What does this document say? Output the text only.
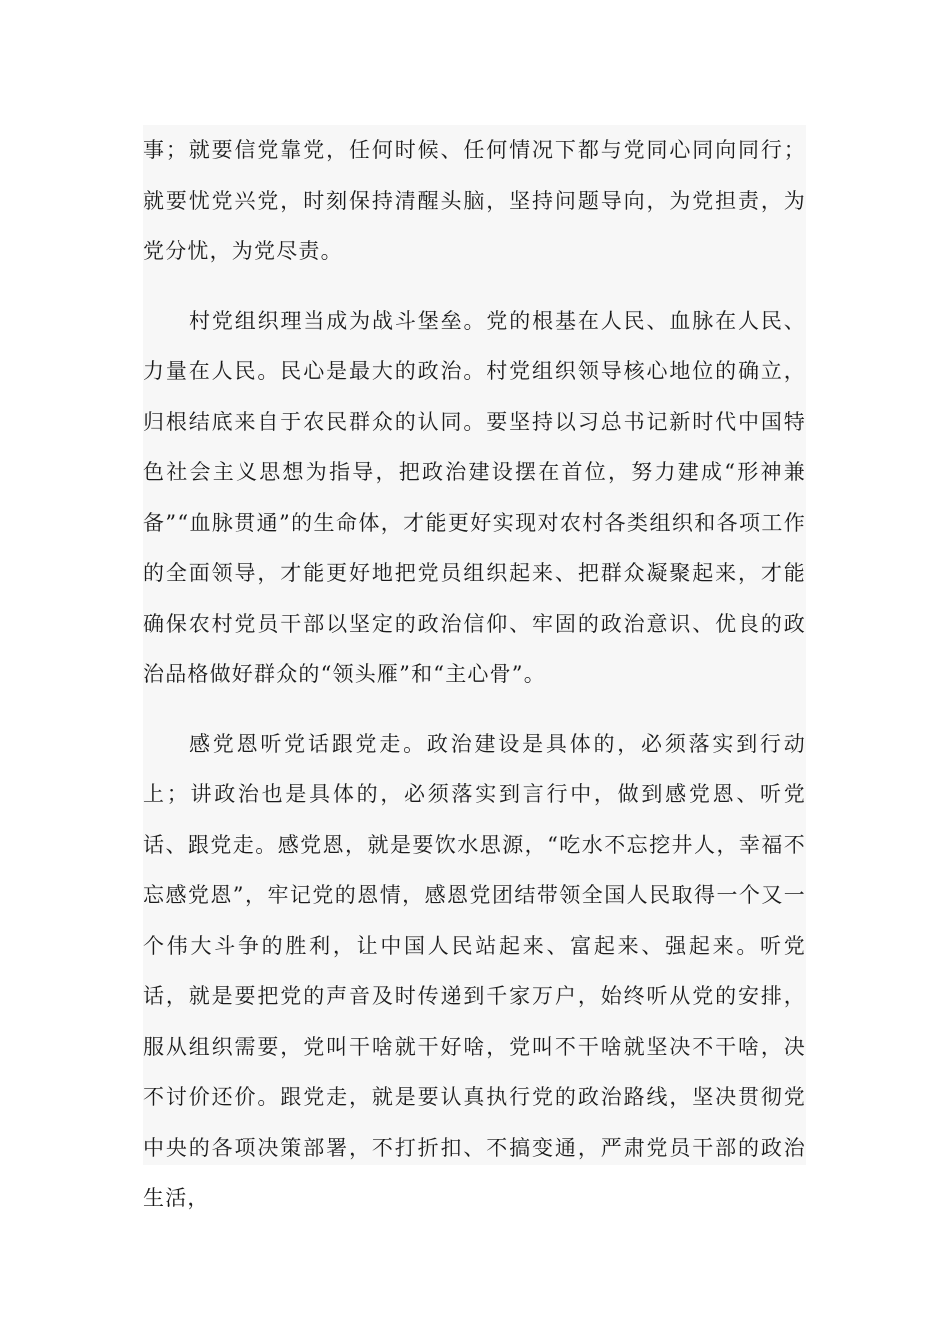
事；就要信党靠党，任何时候、任何情况下都与党同心同向同行；就要忧党兴党，时刻保持清醒头脑，坚持问题导向，为党担责，为党分忧，为党尽责。

村党组织理当成为战斗堡垒。党的根基在人民、血脉在人民、力量在人民。民心是最大的政治。村党组织领导核心地位的确立，归根结底来自于农民群众的认同。要坚持以习总书记新时代中国特色社会主义思想为指导，把政治建设摆在首位，努力建成“形神兼备”“血脉贯通”的生命体，才能更好实现对农村各类组织和各项工作的全面领导，才能更好地把党员组织起来、把群众凝聚起来，才能确保农村党员干部以坚定的政治信仰、牢固的政治意识、优良的政治品格做好群众的“领头雁”和“主心骨”。

感党恩听党话跟党走。政治建设是具体的，必须落实到行动上；讲政治也是具体的，必须落实到言行中，做到感党恩、听党话、跟党走。感党恩，就是要饮水思源，“吃水不忘挖井人，幸福不忘感党恩”，牢记党的恩情，感恩党团结带领全国人民取得一个又一个伟大斗争的胜利，让中国人民站起来、富起来、强起来。听党话，就是要把党的声音及时传递到千家万户，始终听从党的安排，服从组织需要，党叫干啥就干好啥，党叫不干啥就坚决不干啥，决不讨价还价。跟党走，就是要认真执行党的政治路线，坚决贯彻党中央的各项决策部署，不打折扣、不搞变通，严肃党员干部的政治生活，
